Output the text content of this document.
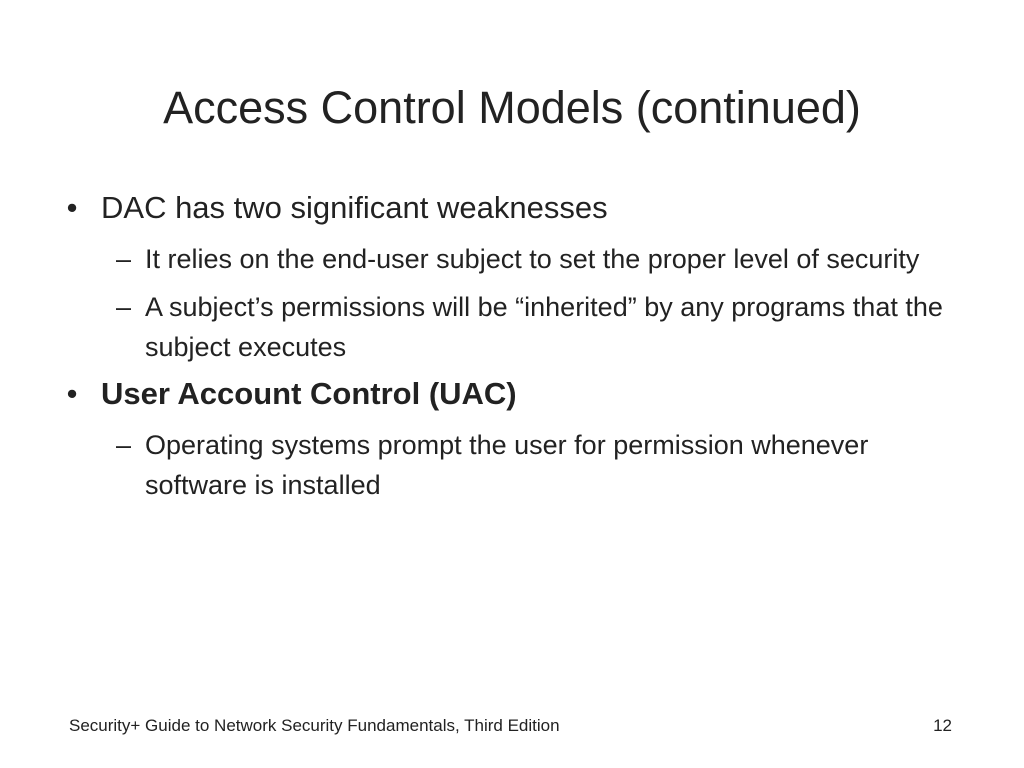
Access Control Models (continued)
• DAC has two significant weaknesses
– It relies on the end-user subject to set the proper level of security
– A subject’s permissions will be “inherited” by any programs that the subject executes
• User Account Control (UAC)
– Operating systems prompt the user for permission whenever software is installed
Security+ Guide to Network Security Fundamentals, Third Edition	12
